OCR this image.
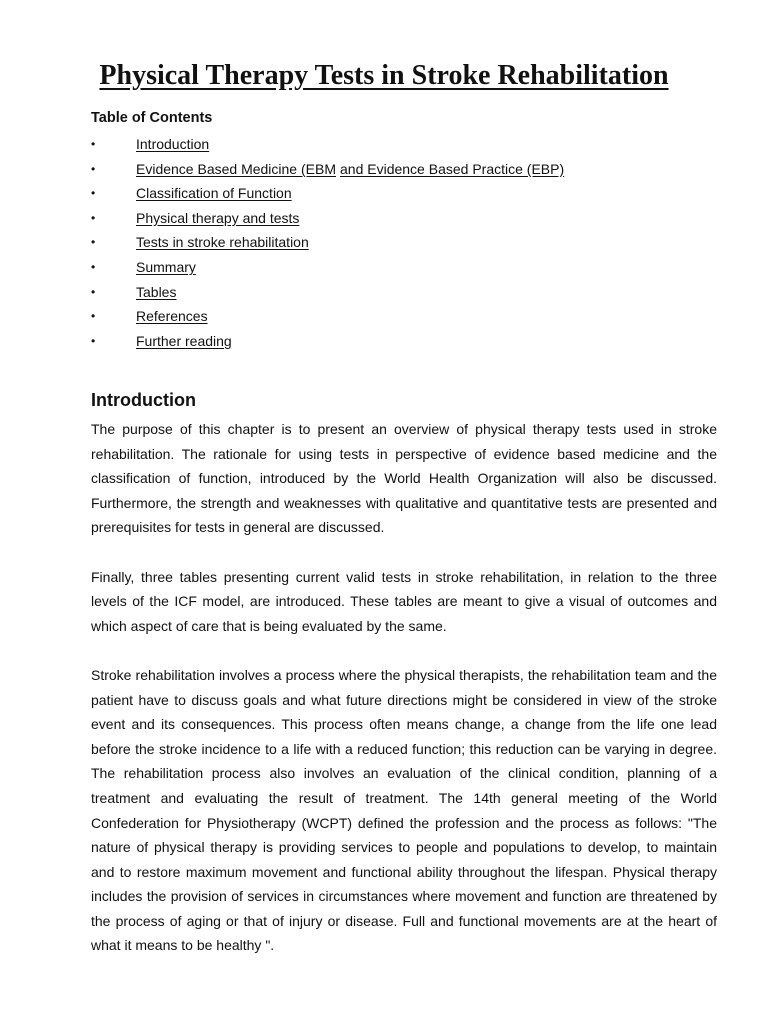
Physical Therapy Tests in Stroke Rehabilitation
Table of Contents
•	Introduction
•	Evidence Based Medicine (EBM and Evidence Based Practice (EBP)
•	Classification of Function
•	Physical therapy and tests
•	Tests in stroke rehabilitation
•	Summary
•	Tables
•	References
•	Further reading
Introduction

The purpose of this chapter is to present an overview of physical therapy tests used in stroke rehabilitation. The rationale for using tests in perspective of evidence based medicine and the classification of function, introduced by the World Health Organization will also be discussed. Furthermore, the strength and weaknesses with qualitative and quantitative tests are presented and prerequisites for tests in general are discussed.

Finally, three tables presenting current valid tests in stroke rehabilitation, in relation to the three levels of the ICF model, are introduced. These tables are meant to give a visual of outcomes and which aspect of care that is being evaluated by the same.

Stroke rehabilitation involves a process where the physical therapists, the rehabilitation team and the patient have to discuss goals and what future directions might be considered in view of the stroke event and its consequences. This process often means change, a change from the life one lead before the stroke incidence to a life with a reduced function; this reduction can be varying in degree. The rehabilitation process also involves an evaluation of the clinical condition, planning of a treatment and evaluating the result of treatment. The 14th general meeting of the World Confederation for Physiotherapy (WCPT) defined the profession and the process as follows: "The nature of physical therapy is providing services to people and populations to develop, to maintain and to restore maximum movement and functional ability throughout the lifespan. Physical therapy includes the provision of services in circumstances where movement and function are threatened by the process of aging or that of injury or disease. Full and functional movements are at the heart of what it means to be healthy ".
